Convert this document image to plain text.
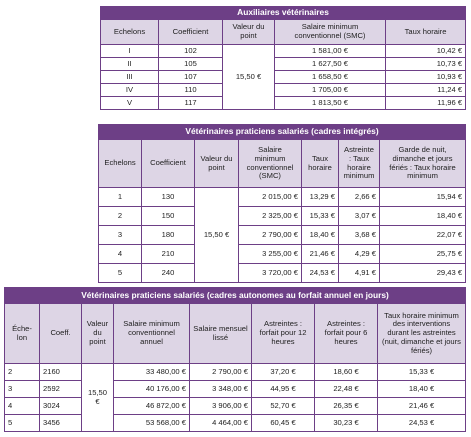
Auxiliaires vétérinaires				
Echelons	Coefficient	Valeur du point	Salaire minimum conventionnel (SMC)	Taux horaire
I	102	15,50 €	1 581,00 €	10,42 €
II	105		1 627,50 €	10,73 €
III	107		1 658,50 €	10,93 €
IV	110		1 705,00 €	11,24 €
V	117		1 813,50 €	11,96 €
Vétérinaires praticiens salariés (cadres intégrés)						
Echelons	Coefficient	Valeur du point	Salaire minimum conventionnel (SMC)	Taux horaire	Astreinte : Taux horaire minimum	Garde de nuit, dimanche et jours fériés : Taux horaire minimum
1	130	15,50 €	2 015,00 €	13,29 €	2,66 €	15,94 €
2	150		2 325,00 €	15,33 €	3,07 €	18,40 €
3	180		2 790,00 €	18,40 €	3,68 €	22,07 €
4	210		3 255,00 €	21,46 €	4,29 €	25,75 €
5	240		3 720,00 €	24,53 €	4,91 €	29,43 €
Vétérinaires praticiens salariés (cadres autonomes au forfait annuel en jours)							
Éche-lon	Coeff.	Valeur du point	Salaire minimum conventionnel annuel	Salaire mensuel lissé	Astreintes : forfait pour 12 heures	Astreintes : forfait pour 6 heures	Taux horaire minimum des interventions durant les astreintes (nuit, dimanche et jours fériés)
2	2160	15,50 €	33 480,00 €	2 790,00 €	37,20 €	18,60 €	15,33 €
3	2592		40 176,00 €	3 348,00 €	44,95 €	22,48 €	18,40 €
4	3024		46 872,00 €	3 906,00 €	52,70 €	26,35 €	21,46 €
5	3456		53 568,00 €	4 464,00 €	60,45 €	30,23 €	24,53 €
